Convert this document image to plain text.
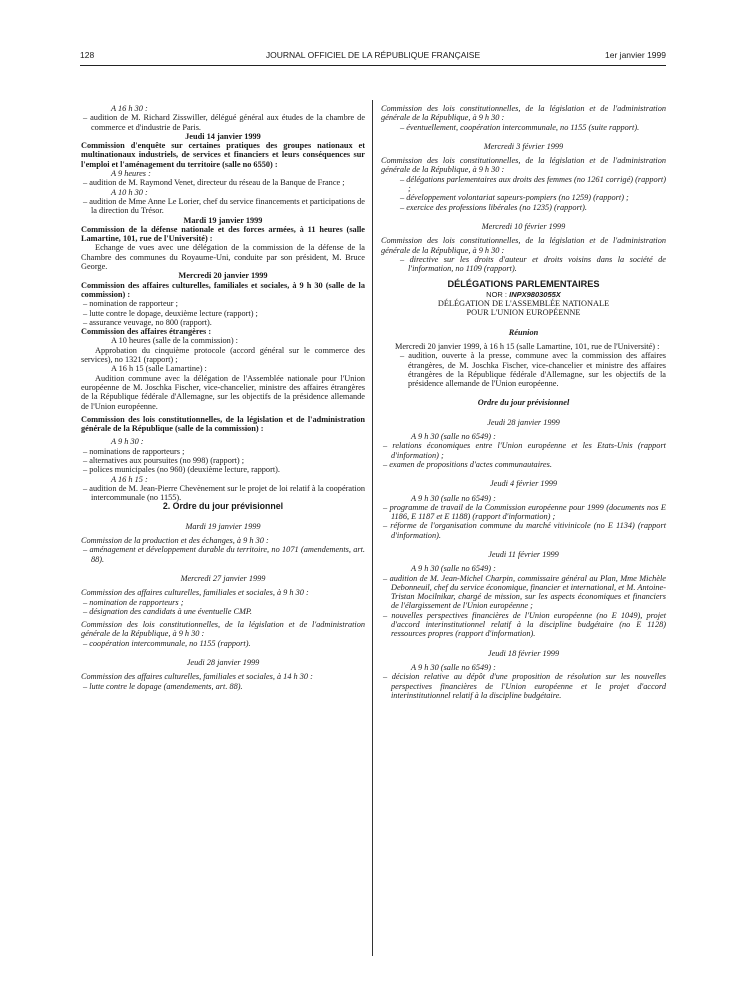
128	JOURNAL OFFICIEL DE LA RÉPUBLIQUE FRANÇAISE	1er janvier 1999

A 16 h 30 :

– audition de M. Richard Zisswiller, délégué général aux études de la chambre de commerce et d'industrie de Paris.

Jeudi 14 janvier 1999

Commission d'enquête sur certaines pratiques des groupes nationaux et multinationaux industriels, de services et financiers et leurs conséquences sur l'emploi et l'aménagement du territoire (salle no 6550) :

A 9 heures :

– audition de M. Raymond Venet, directeur du réseau de la Banque de France ;

A 10 h 30 :

– audition de Mme Anne Le Lorier, chef du service financements et participations de la direction du Trésor.

Mardi 19 janvier 1999

Commission de la défense nationale et des forces armées, à 11 heures (salle Lamartine, 101, rue de l'Université) :

Echange de vues avec une délégation de la commission de la défense de la Chambre des communes du Royaume-Uni, conduite par son président, M. Bruce George.

Mercredi 20 janvier 1999

Commission des affaires culturelles, familiales et sociales, à 9 h 30 (salle de la commission) :

– nomination de rapporteur ;

– lutte contre le dopage, deuxième lecture (rapport) ;

– assurance veuvage, no 800 (rapport).

Commission des affaires étrangères :

A 10 heures (salle de la commission) :

Approbation du cinquième protocole (accord général sur le commerce des services), no 1321 (rapport) ;

A 16 h 15 (salle Lamartine) :

Audition commune avec la délégation de l'Assemblée nationale pour l'Union européenne de M. Joschka Fischer, vice-chancelier, ministre des affaires étrangères de la République fédérale d'Allemagne, sur les objectifs de la présidence allemande de l'Union européenne.

Commission des lois constitutionnelles, de la législation et de l'administration générale de la République (salle de la commission) :

A 9 h 30 :

– nominations de rapporteurs ;

– alternatives aux poursuites (no 998) (rapport) ;

– polices municipales (no 960) (deuxième lecture, rapport).

A 16 h 15 :

– audition de M. Jean-Pierre Chevènement sur le projet de loi relatif à la coopération intercommunale (no 1155).

2. Ordre du jour prévisionnel

Mardi 19 janvier 1999

Commission de la production et des échanges, à 9 h 30 :

– aménagement et développement durable du territoire, no 1071 (amendements, art. 88).

Mercredi 27 janvier 1999

Commission des affaires culturelles, familiales et sociales, à 9 h 30 :

– nomination de rapporteurs ;

– désignation des candidats à une éventuelle CMP.

Commission des lois constitutionnelles, de la législation et de l'administration générale de la République, à 9 h 30 :

– coopération intercommunale, no 1155 (rapport).

Jeudi 28 janvier 1999

Commission des affaires culturelles, familiales et sociales, à 14 h 30 :

– lutte contre le dopage (amendements, art. 88).

Commission des lois constitutionnelles, de la législation et de l'administration générale de la République, à 9 h 30 :

– éventuellement, coopération intercommunale, no 1155 (suite rapport).

Mercredi 3 février 1999

Commission des lois constitutionnelles, de la législation et de l'administration générale de la République, à 9 h 30 :

– délégations parlementaires aux droits des femmes (no 1261 corrigé) (rapport) ;

– développement volontariat sapeurs-pompiers (no 1259) (rapport) ;

– exercice des professions libérales (no 1235) (rapport).

Mercredi 10 février 1999

Commission des lois constitutionnelles, de la législation et de l'administration générale de la République, à 9 h 30 :

– directive sur les droits d'auteur et droits voisins dans la société de l'information, no 1109 (rapport).

DÉLÉGATIONS PARLEMENTAIRES

NOR : INPX9803055X

DÉLÉGATION DE L'ASSEMBLÉE NATIONALE

POUR L'UNION EUROPÉENNE

Réunion

Mercredi 20 janvier 1999, à 16 h 15 (salle Lamartine, 101, rue de l'Université) :

– audition, ouverte à la presse, commune avec la commission des affaires étrangères, de M. Joschka Fischer, vice-chancelier et ministre des affaires étrangères de la République fédérale d'Allemagne, sur les objectifs de la présidence allemande de l'Union européenne.

Ordre du jour prévisionnel

Jeudi 28 janvier 1999

A 9 h 30 (salle no 6549) :

– relations économiques entre l'Union européenne et les Etats-Unis (rapport d'information) ;

– examen de propositions d'actes communautaires.

Jeudi 4 février 1999

A 9 h 30 (salle no 6549) :

– programme de travail de la Commission européenne pour 1999 (documents nos E 1186, E 1187 et E 1188) (rapport d'information) ;

– réforme de l'organisation commune du marché vitivinicole (no E 1134) (rapport d'information).

Jeudi 11 février 1999

A 9 h 30 (salle no 6549) :

– audition de M. Jean-Michel Charpin, commissaire général au Plan, Mme Michèle Debonneuil, chef du service économique, financier et international, et M. Antoine-Tristan Mocilnikar, chargé de mission, sur les aspects économiques et financiers de l'élargissement de l'Union européenne ;

– nouvelles perspectives financières de l'Union européenne (no E 1049), projet d'accord interinstitutionnel relatif à la discipline budgétaire (no E 1128) ressources propres (rapport d'information).

Jeudi 18 février 1999

A 9 h 30 (salle no 6549) :

– décision relative au dépôt d'une proposition de résolution sur les nouvelles perspectives financières de l'Union européenne et le projet d'accord interinstitutionnel relatif à la discipline budgétaire.
